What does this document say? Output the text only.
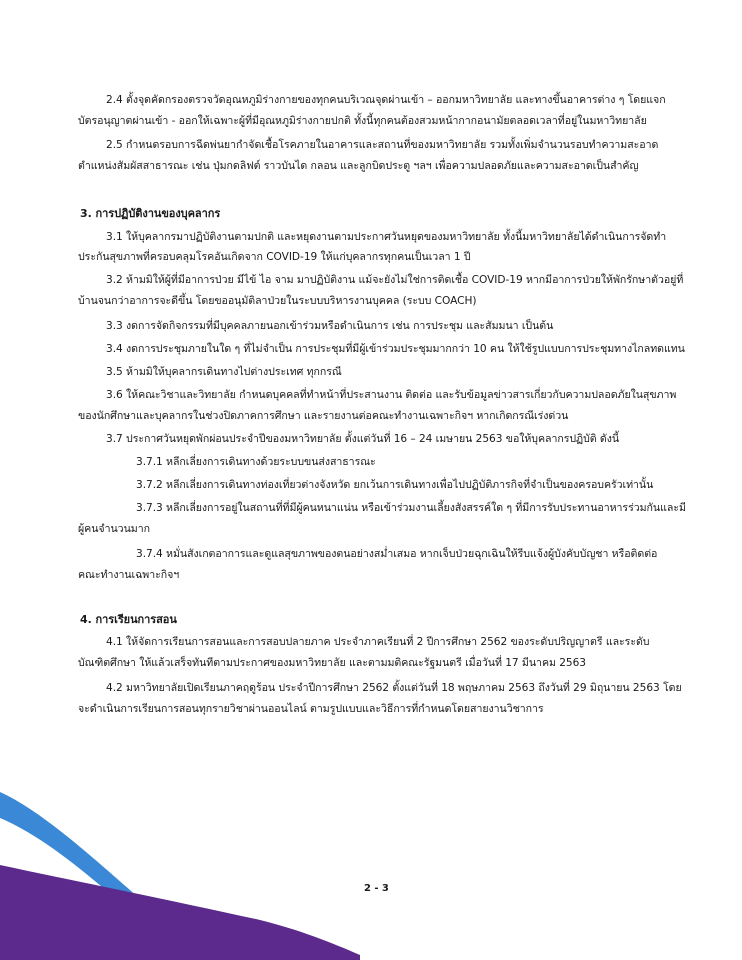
2.4 ตั้งจุดคัดกรองตรวจวัดอุณหภูมิร่างกายของทุกคนบริเวณจุดผ่านเข้า – ออกมหาวิทยาลัย และทางขึ้นอาคารต่าง ๆ โดยแจก
บัตรอนุญาตผ่านเข้า - ออกให้เฉพาะผู้ที่มีอุณหภูมิร่างกายปกติ ทั้งนี้ทุกคนต้องสวมหน้ากากอนามัยตลอดเวลาที่อยู่ในมหาวิทยาลัย
2.5 กำหนดรอบการฉีดพ่นยากำจัดเชื้อโรคภายในอาคารและสถานที่ของมหาวิทยาลัย รวมทั้งเพิ่มจำนวนรอบทำความสะอาด
ตำแหน่งสัมผัสสาธารณะ เช่น ปุ่มกดลิฟต์ ราวบันได กลอน และลูกบิดประตู ฯลฯ เพื่อความปลอดภัยและความสะอาดเป็นสำคัญ
3. การปฏิบัติงานของบุคลากร
3.1 ให้บุคลากรมาปฏิบัติงานตามปกติ และหยุดงานตามประกาศวันหยุดของมหาวิทยาลัย ทั้งนี้มหาวิทยาลัยได้ดำเนินการจัดทำ
ประกันสุขภาพที่ครอบคลุมโรคอันเกิดจาก COVID-19 ให้แก่บุคลากรทุกคนเป็นเวลา 1 ปี
3.2 ห้ามมิให้ผู้ที่มีอาการป่วย มีไข้ ไอ จาม มาปฏิบัติงาน แม้จะยังไม่ใช่การติดเชื้อ COVID-19 หากมีอาการป่วยให้พักรักษาตัวอยู่ที่
บ้านจนกว่าอาการจะดีขึ้น โดยขออนุมัติลาป่วยในระบบบริหารงานบุคคล (ระบบ COACH)
3.3 งดการจัดกิจกรรมที่มีบุคคลภายนอกเข้าร่วมหรือดำเนินการ เช่น การประชุม และสัมมนา เป็นต้น
3.4 งดการประชุมภายในใด ๆ ที่ไม่จำเป็น การประชุมที่มีผู้เข้าร่วมประชุมมากกว่า 10 คน ให้ใช้รูปแบบการประชุมทางไกลทดแทน
3.5 ห้ามมิให้บุคลากรเดินทางไปต่างประเทศ ทุกกรณี
3.6 ให้คณะวิชาและวิทยาลัย กำหนดบุคคลที่ทำหน้าที่ประสานงาน ติดต่อ และรับข้อมูลข่าวสารเกี่ยวกับความปลอดภัยในสุขภาพ
ของนักศึกษาและบุคลากรในช่วงปิดภาคการศึกษา และรายงานต่อคณะทำงานเฉพาะกิจฯ หากเกิดกรณีเร่งด่วน
3.7 ประกาศวันหยุดพักผ่อนประจำปีของมหาวิทยาลัย ตั้งแต่วันที่ 16 – 24 เมษายน 2563 ขอให้บุคลากรปฏิบัติ ดังนี้
3.7.1 หลีกเลี่ยงการเดินทางด้วยระบบขนส่งสาธารณะ
3.7.2 หลีกเลี่ยงการเดินทางท่องเที่ยวต่างจังหวัด ยกเว้นการเดินทางเพื่อไปปฏิบัติภารกิจที่จำเป็นของครอบครัวเท่านั้น
3.7.3 หลีกเลี่ยงการอยู่ในสถานที่ที่มีผู้คนหนาแน่น หรือเข้าร่วมงานเลี้ยงสังสรรค์ใด ๆ ที่มีการรับประทานอาหารร่วมกันและมี
ผู้คนจำนวนมาก
3.7.4 หมั่นสังเกตอาการและดูแลสุขภาพของตนอย่างสม่ำเสมอ หากเจ็บป่วยฉุกเฉินให้รีบแจ้งผู้บังคับบัญชา หรือติดต่อ
คณะทำงานเฉพาะกิจฯ
4. การเรียนการสอน
4.1 ให้จัดการเรียนการสอนและการสอบปลายภาค ประจำภาคเรียนที่ 2 ปีการศึกษา 2562 ของระดับปริญญาตรี และระดับ
บัณฑิตศึกษา ให้แล้วเสร็จทันทีตามประกาศของมหาวิทยาลัย และตามมติคณะรัฐมนตรี เมื่อวันที่ 17 มีนาคม 2563
4.2 มหาวิทยาลัยเปิดเรียนภาคฤดูร้อน ประจำปีการศึกษา 2562 ตั้งแต่วันที่ 18 พฤษภาคม 2563 ถึงวันที่ 29 มิถุนายน 2563 โดย
จะดำเนินการเรียนการสอนทุกรายวิชาผ่านออนไลน์ ตามรูปแบบและวิธีการที่กำหนดโดยสายงานวิชาการ
2 - 3
